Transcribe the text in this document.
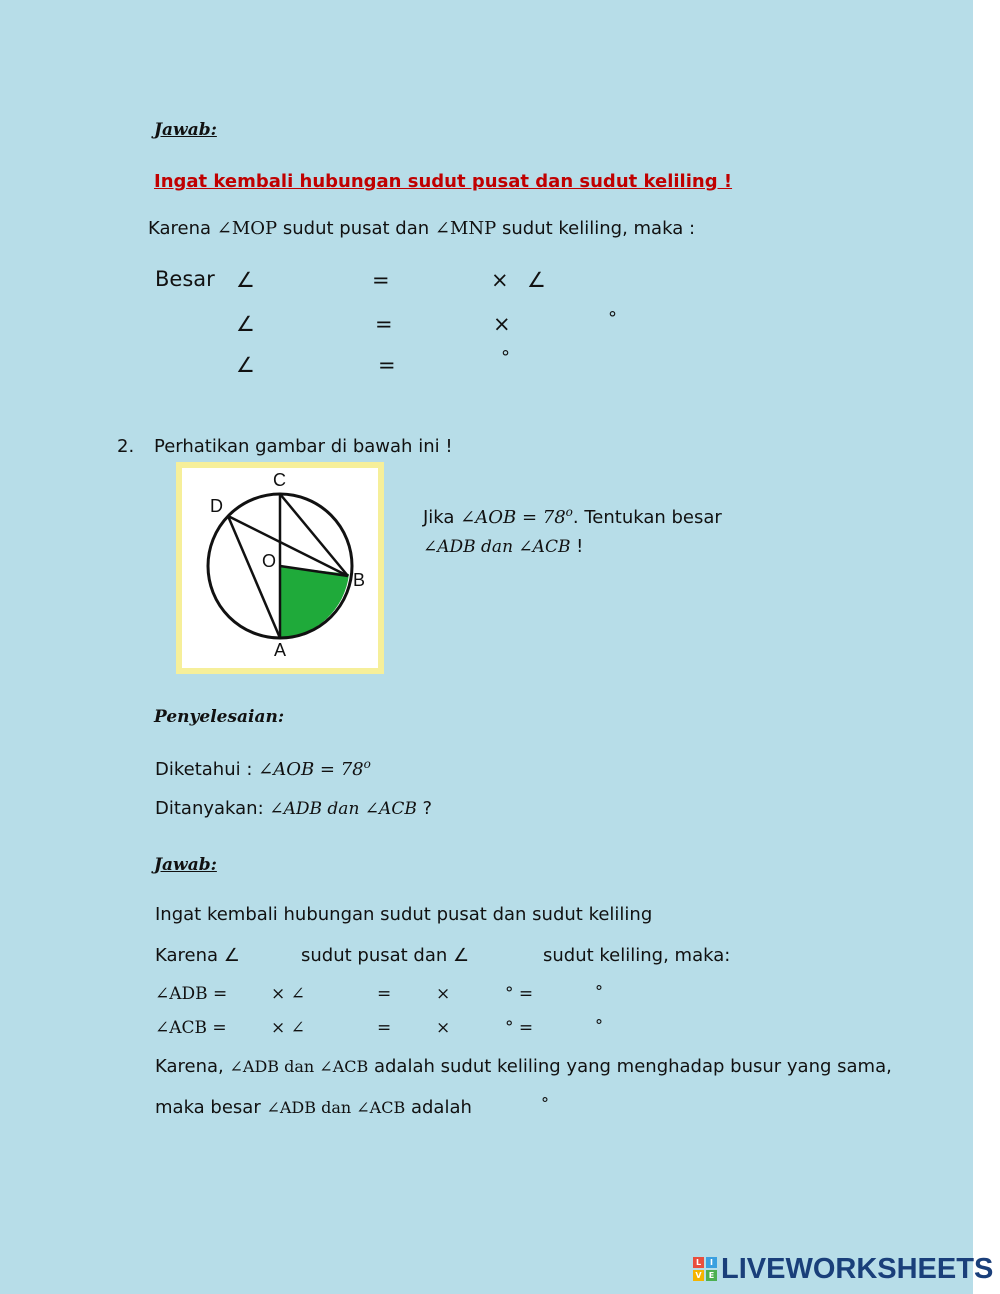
Jawab:
Ingat kembali hubungan sudut pusat dan sudut keliling !
Karena ∠MOP sudut pusat dan ∠MNP sudut keliling, maka :
Besar ∠	=	× ∠
∠	=	×	°
∠	=	°
2. Perhatikan gambar di bawah ini !
C
D
O
B
A
Jika ∠AOB = $78^o$. Tentukan besar
∠ADB dan ∠ACB !
Penyelesaian:
Diketahui : ∠AOB = $78^o$
Ditanyakan: ∠ADB dan ∠ACB ?
Jawab:
Ingat kembali hubungan sudut pusat dan sudut keliling
Karena ∠	sudut pusat dan ∠	sudut keliling, maka:
∠ADB =	× ∠	=	×	° =	°
∠ACB =	× ∠	=	×	° =	°
Karena, ∠ADB dan ∠ACB adalah sudut keliling yang menghadap busur yang sama,
maka besar ∠ADB dan ∠ACB adalah	°
L	I
V E LIVEWORKSHEETS
